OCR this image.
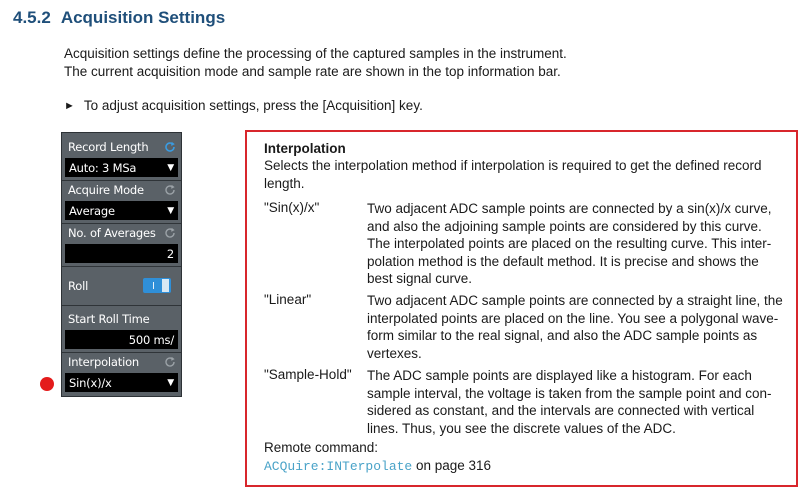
4.5.2 Acquisition Settings

Acquisition settings define the processing of the captured samples in the instrument.

The current acquisition mode and sample rate are shown in the top information bar.

► To adjust acquisition settings, press the [Acquisition] key.
Record Length
Auto: 3 MSa	▼
Acquire Mode
Average	▼
No. of Averages
2
Roll
Start Roll Time
500 ms/
Interpolation
Sin(x)/x	▼
Interpolation
Selects the interpolation method if interpolation is required to get the defined record length.
"Sin(x)/x"	Two adjacent ADC sample points are connected by a sin(x)/x curve,
and also the adjoining sample points are considered by this curve.
The interpolated points are placed on the resulting curve. This inter-
polation method is the default method. It is precise and shows the
best signal curve.
"Linear"	Two adjacent ADC sample points are connected by a straight line, the
interpolated points are placed on the line. You see a polygonal wave-
form similar to the real signal, and also the ADC sample points as
vertexes.
"Sample-Hold" The ADC sample points are displayed like a histogram. For each
sample interval, the voltage is taken from the sample point and con-
sidered as constant, and the intervals are connected with vertical
lines. Thus, you see the discrete values of the ADC.
Remote command:
ACQuire:INTerpolate on page 316
